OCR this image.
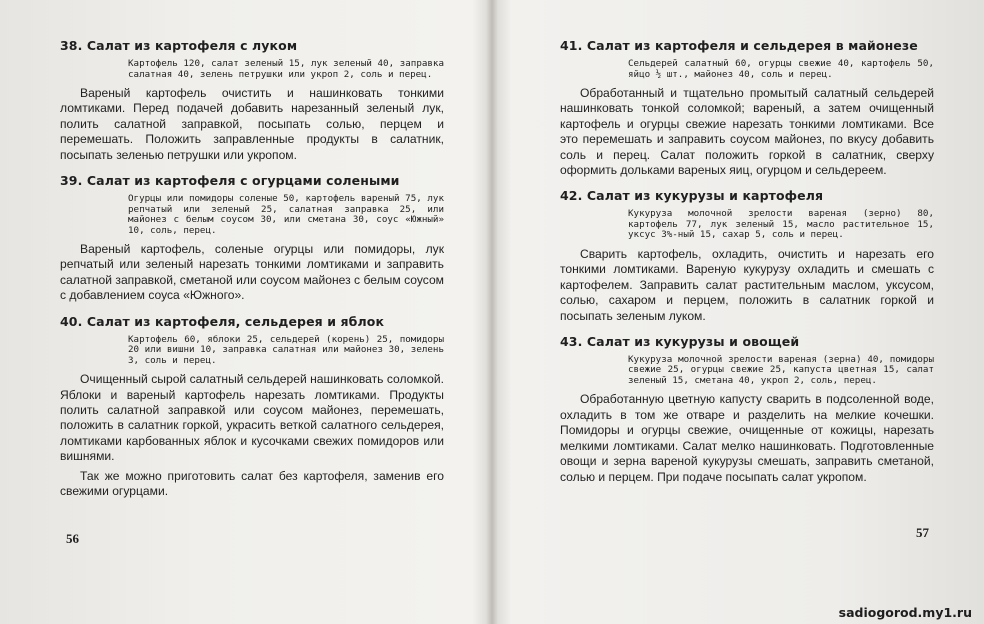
38. Салат из картофеля с луком
Картофель 120, салат зеленый 15, лук зеленый 40, заправка салатная 40, зелень петрушки или укроп 2, соль и перец.

Вареный картофель очистить и нашинковать тонкими ломтиками. Перед подачей добавить нарезанный зеленый лук, полить салатной заправкой, посыпать солью, перцем и перемешать. Положить заправленные продукты в салатник, посыпать зеленью петрушки или укропом.

39. Салат из картофеля с огурцами солеными
Огурцы или помидоры соленые 50, картофель вареный 75, лук репчатый или зеленый 25, салатная заправка 25, или майонез с белым соусом 30, или сметана 30, соус «Южный» 10, соль, перец.

Вареный картофель, соленые огурцы или помидоры, лук репчатый или зеленый нарезать тонкими ломтиками и заправить салатной заправкой, сметаной или соусом майонез с белым соусом с добавлением соуса «Южного».

40. Салат из картофеля, сельдерея и яблок
Картофель 60, яблоки 25, сельдерей (корень) 25, помидоры 20 или вишни 10, заправка салатная или майонез 30, зелень 3, соль и перец.

Очищенный сырой салатный сельдерей нашинковать соломкой. Яблоки и вареный картофель нарезать ломтиками. Продукты полить салатной заправкой или соусом майонез, перемешать, положить в салатник горкой, украсить веткой салатного сельдерея, ломтиками карбованных яблок и кусочками свежих помидоров или вишнями.

Так же можно приготовить салат без картофеля, заменив его свежими огурцами.

56
41. Салат из картофеля и сельдерея в майонезе
Сельдерей салатный 60, огурцы свежие 40, картофель 50, яйцо ½ шт., майонез 40, соль и перец.

Обработанный и тщательно промытый салатный сельдерей нашинковать тонкой соломкой; вареный, а затем очищенный картофель и огурцы свежие нарезать тонкими ломтиками. Все это перемешать и заправить соусом майонез, по вкусу добавить соль и перец. Салат положить горкой в салатник, сверху оформить дольками вареных яиц, огурцом и сельдереем.

42. Салат из кукурузы и картофеля
Кукуруза молочной зрелости вареная (зерно) 80, картофель 77, лук зеленый 15, масло растительное 15, уксус 3%-ный 15, сахар 5, соль и перец.

Сварить картофель, охладить, очистить и нарезать его тонкими ломтиками. Вареную кукурузу охладить и смешать с картофелем. Заправить салат растительным маслом, уксусом, солью, сахаром и перцем, положить в салатник горкой и посыпать зеленым луком.

43. Салат из кукурузы и овощей
Кукуруза молочной зрелости вареная (зерна) 40, помидоры свежие 25, огурцы свежие 25, капуста цветная 15, салат зеленый 15, сметана 40, укроп 2, соль, перец.

Обработанную цветную капусту сварить в подсоленной воде, охладить в том же отваре и разделить на мелкие кочешки. Помидоры и огурцы свежие, очищенные от кожицы, нарезать мелкими ломтиками. Салат мелко нашинковать. Подготовленные овощи и зерна вареной кукурузы смешать, заправить сметаной, солью и перцем. При подаче посыпать салат укропом.

57
sadiogorod.my1.ru
